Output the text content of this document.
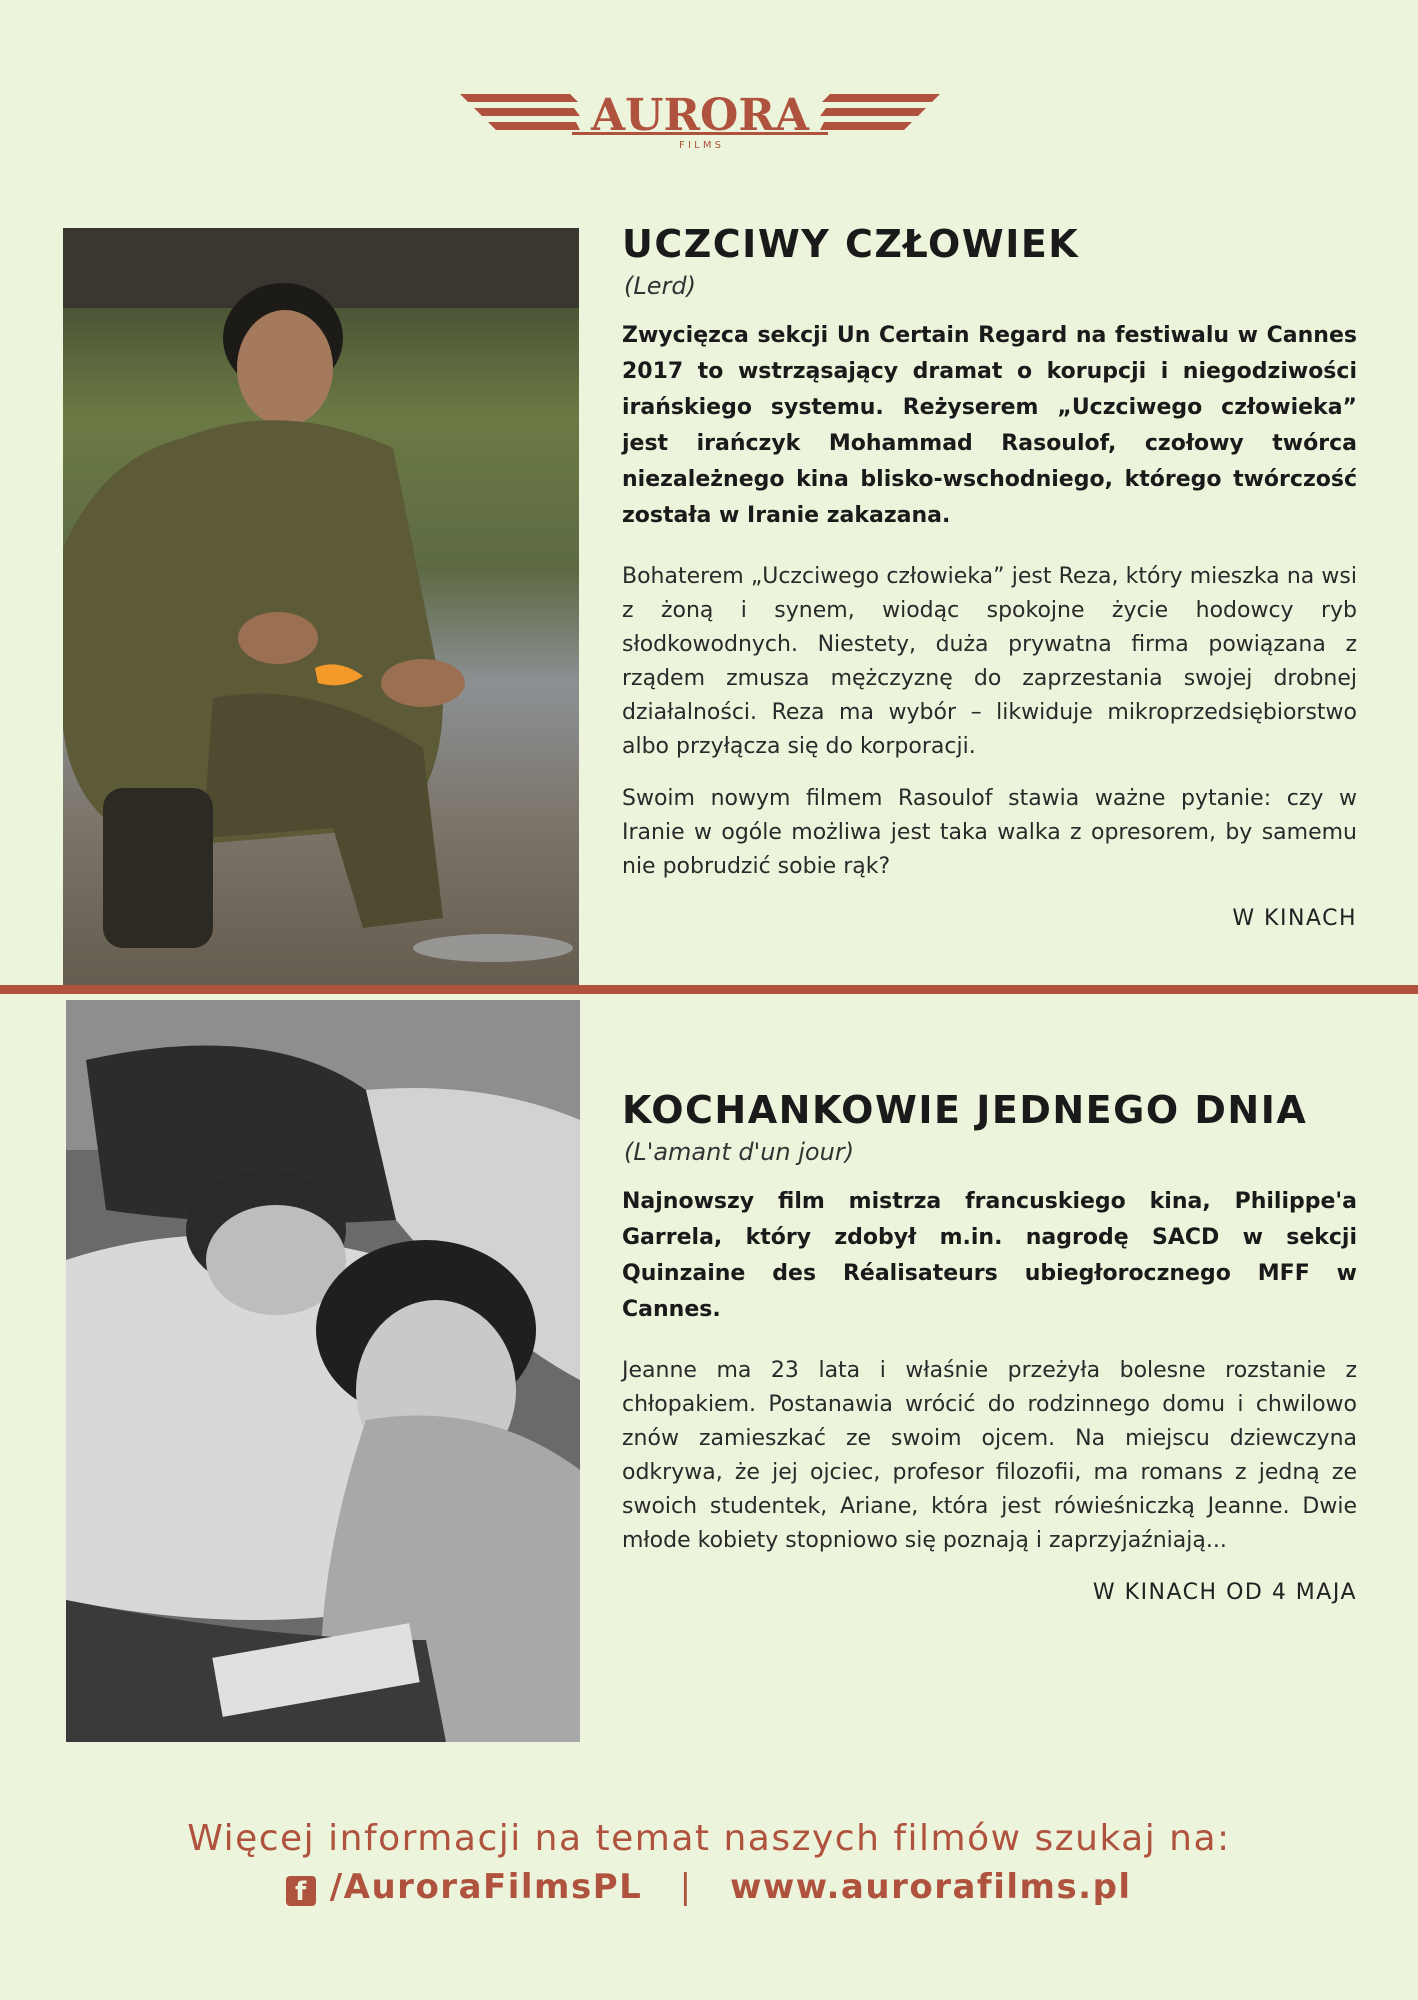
AURORA
F I L M S
UCZCIWY CZŁOWIEK
(Lerd)

Zwycięzca sekcji Un Certain Regard na festiwalu w Cannes 2017 to wstrząsający dramat o korupcji i niegodziwości irańskiego systemu. Reżyserem „Uczciwego człowieka” jest irańczyk Mohammad Rasoulof, czołowy twórca niezależnego kina blisko-wschodniego, którego twórczość została w Iranie zakazana.

Bohaterem „Uczciwego człowieka” jest Reza, który mieszka na wsi z żoną i synem, wiodąc spokojne życie hodowcy ryb słodkowodnych. Niestety, duża prywatna firma powiązana z rządem zmusza mężczyznę do zaprzestania swojej drobnej działalności. Reza ma wybór – likwiduje mikroprzedsiębiorstwo albo przyłącza się do korporacji.

Swoim nowym filmem Rasoulof stawia ważne pytanie: czy w Iranie w ogóle możliwa jest taka walka z opresorem, by samemu nie pobrudzić sobie rąk?

W KINACH
KOCHANKOWIE JEDNEGO DNIA
(L'amant d'un jour)

Najnowszy film mistrza francuskiego kina, Philippe'a Garrela, który zdobył m.in. nagrodę SACD w sekcji Quinzaine des Réalisateurs ubiegłorocznego MFF w Cannes.

Jeanne ma 23 lata i właśnie przeżyła bolesne rozstanie z chłopakiem. Postanawia wrócić do rodzinnego domu i chwilowo znów zamieszkać ze swoim ojcem. Na miejscu dziewczyna odkrywa, że jej ojciec, profesor filozofii, ma romans z jedną ze swoich studentek, Ariane, która jest rówieśniczką Jeanne. Dwie młode kobiety stopniowo się poznają i zaprzyjaźniają...

W KINACH OD 4 MAJA
Więcej informacji na temat naszych filmów szukaj na:
f /AuroraFilmsPL | www.aurorafilms.pl
